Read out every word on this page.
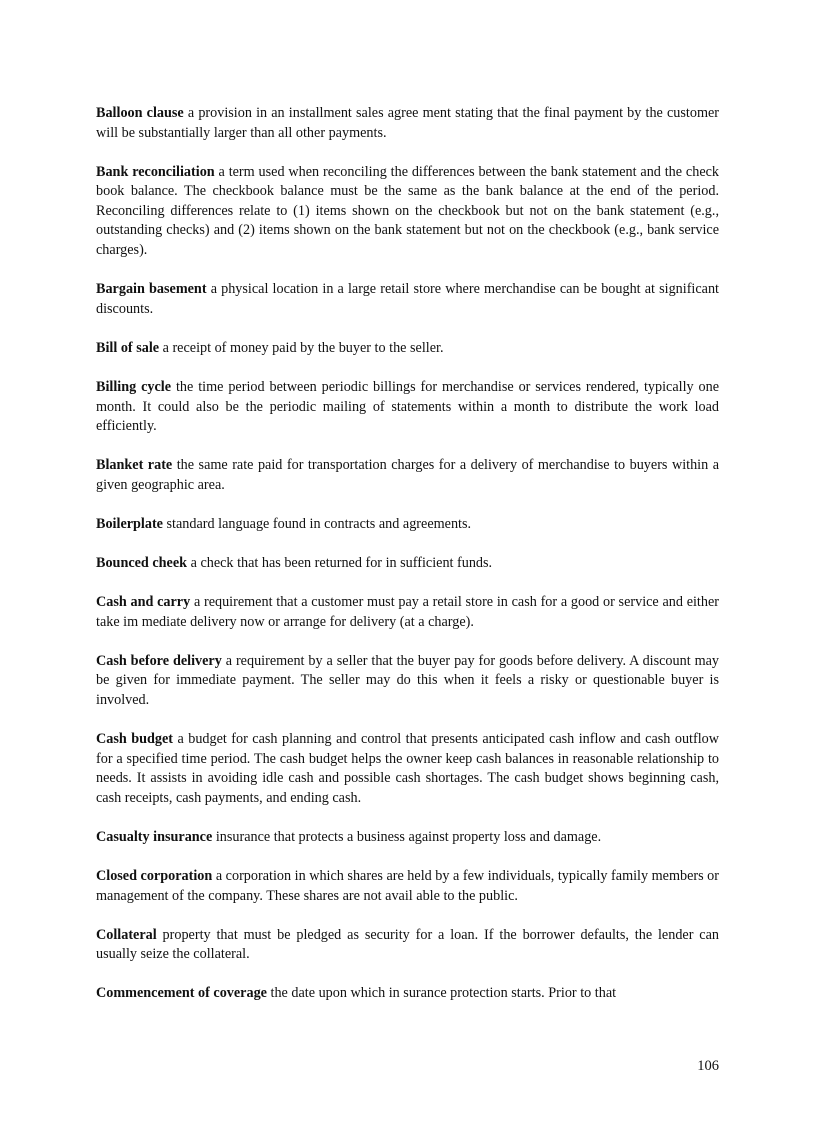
Balloon clause a provision in an installment sales agree ment stating that the final payment by the customer will be substantially larger than all other payments.

Bank reconciliation a term used when reconciling the differences between the bank statement and the check book balance. The checkbook balance must be the same as the bank balance at the end of the period. Reconciling differences relate to (1) items shown on the checkbook but not on the bank statement (e.g., outstanding checks) and (2) items shown on the bank statement but not on the checkbook (e.g., bank service charges).

Bargain basement a physical location in a large retail store where merchandise can be bought at significant discounts.

Bill of sale a receipt of money paid by the buyer to the seller.

Billing cycle the time period between periodic billings for merchandise or services rendered, typically one month. It could also be the periodic mailing of statements within a month to distribute the work load efficiently.

Blanket rate the same rate paid for transportation charges for a delivery of merchandise to buyers within a given geographic area.

Boilerplate standard language found in contracts and agreements.

Bounced cheek a check that has been returned for in sufficient funds.

Cash and carry a requirement that a customer must pay a retail store in cash for a good or service and either take im mediate delivery now or arrange for delivery (at a charge).

Cash before delivery a requirement by a seller that the buyer pay for goods before delivery. A discount may be given for immediate payment. The seller may do this when it feels a risky or questionable buyer is involved.

Cash budget a budget for cash planning and control that presents anticipated cash inflow and cash outflow for a specified time period. The cash budget helps the owner keep cash balances in reasonable relationship to needs. It assists in avoiding idle cash and possible cash shortages. The cash budget shows beginning cash, cash receipts, cash payments, and ending cash.

Casualty insurance insurance that protects a business against property loss and damage.

Closed corporation a corporation in which shares are held by a few individuals, typically family members or management of the company. These shares are not avail able to the public.

Collateral property that must be pledged as security for a loan. If the borrower defaults, the lender can usually seize the collateral.

Commencement of coverage the date upon which in surance protection starts. Prior to that

106
